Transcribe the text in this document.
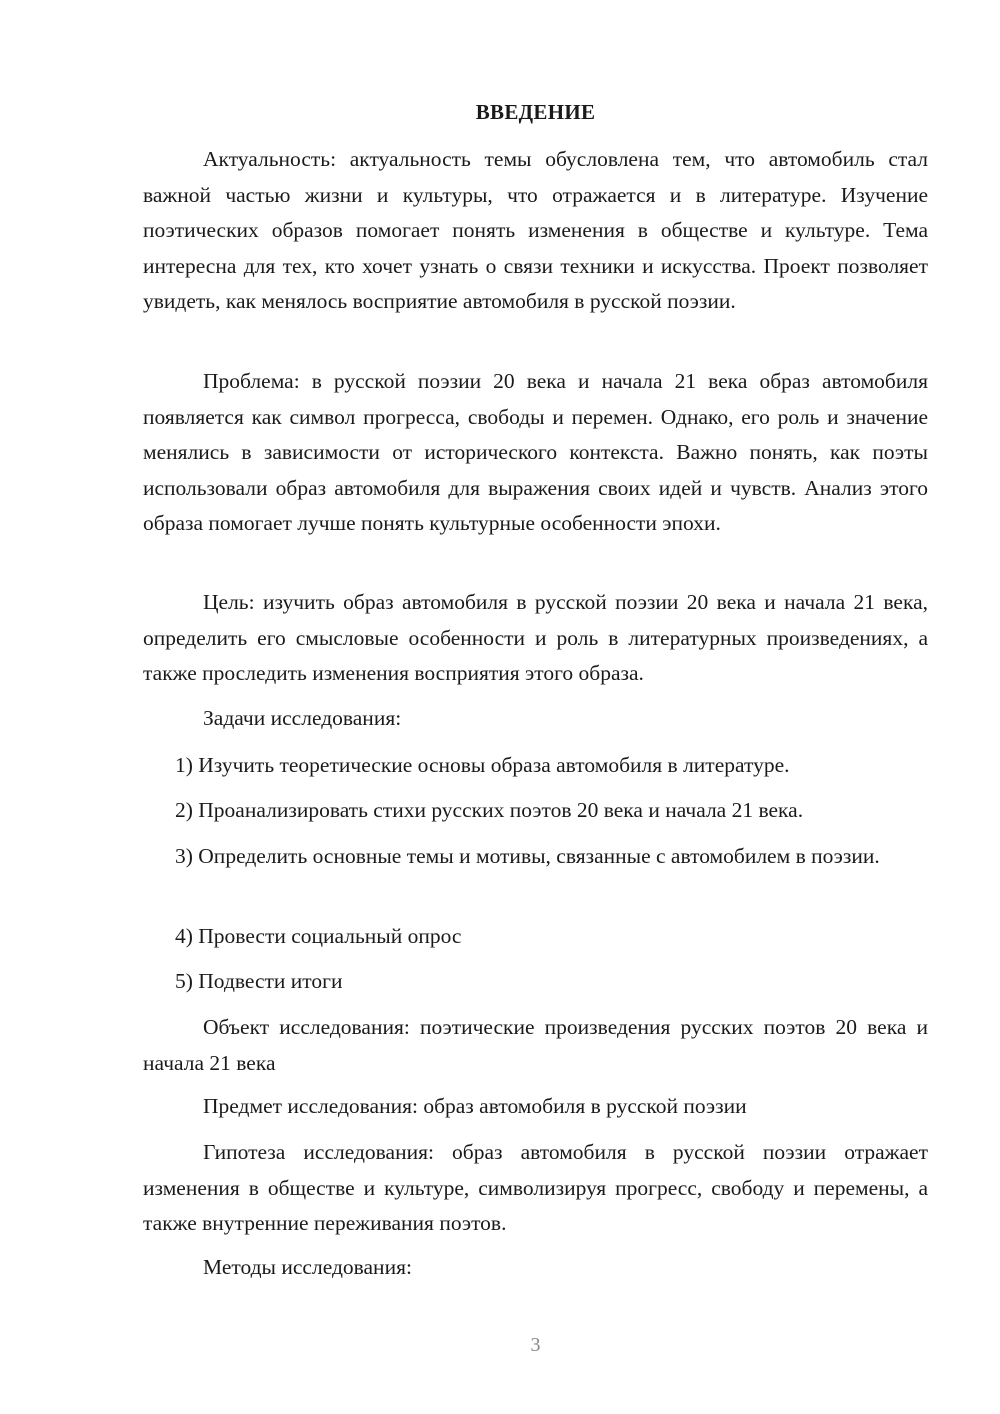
ВВЕДЕНИЕ

Актуальность: актуальность темы обусловлена тем, что автомобиль стал важной частью жизни и культуры, что отражается и в литературе. Изучение поэтических образов помогает понять изменения в обществе и культуре. Тема интересна для тех, кто хочет узнать о связи техники и искусства. Проект позволяет увидеть, как менялось восприятие автомобиля в русской поэзии.

Проблема: в русской поэзии 20 века и начала 21 века образ автомобиля появляется как символ прогресса, свободы и перемен. Однако, его роль и значение менялись в зависимости от исторического контекста. Важно понять, как поэты использовали образ автомобиля для выражения своих идей и чувств. Анализ этого образа помогает лучше понять культурные особенности эпохи.

Цель: изучить образ автомобиля в русской поэзии 20 века и начала 21 века, определить его смысловые особенности и роль в литературных произведениях, а также проследить изменения восприятия этого образа.

Задачи исследования:

1) Изучить теоретические основы образа автомобиля в литературе.

2) Проанализировать стихи русских поэтов 20 века и начала 21 века.

3) Определить основные темы и мотивы, связанные с автомобилем в поэзии.

4) Провести социальный опрос

5) Подвести итоги

Объект исследования: поэтические произведения русских поэтов 20 века и начала 21 века

Предмет исследования: образ автомобиля в русской поэзии

Гипотеза исследования: образ автомобиля в русской поэзии отражает изменения в обществе и культуре, символизируя прогресс, свободу и перемены, а также внутренние переживания поэтов.

Методы исследования:

3
